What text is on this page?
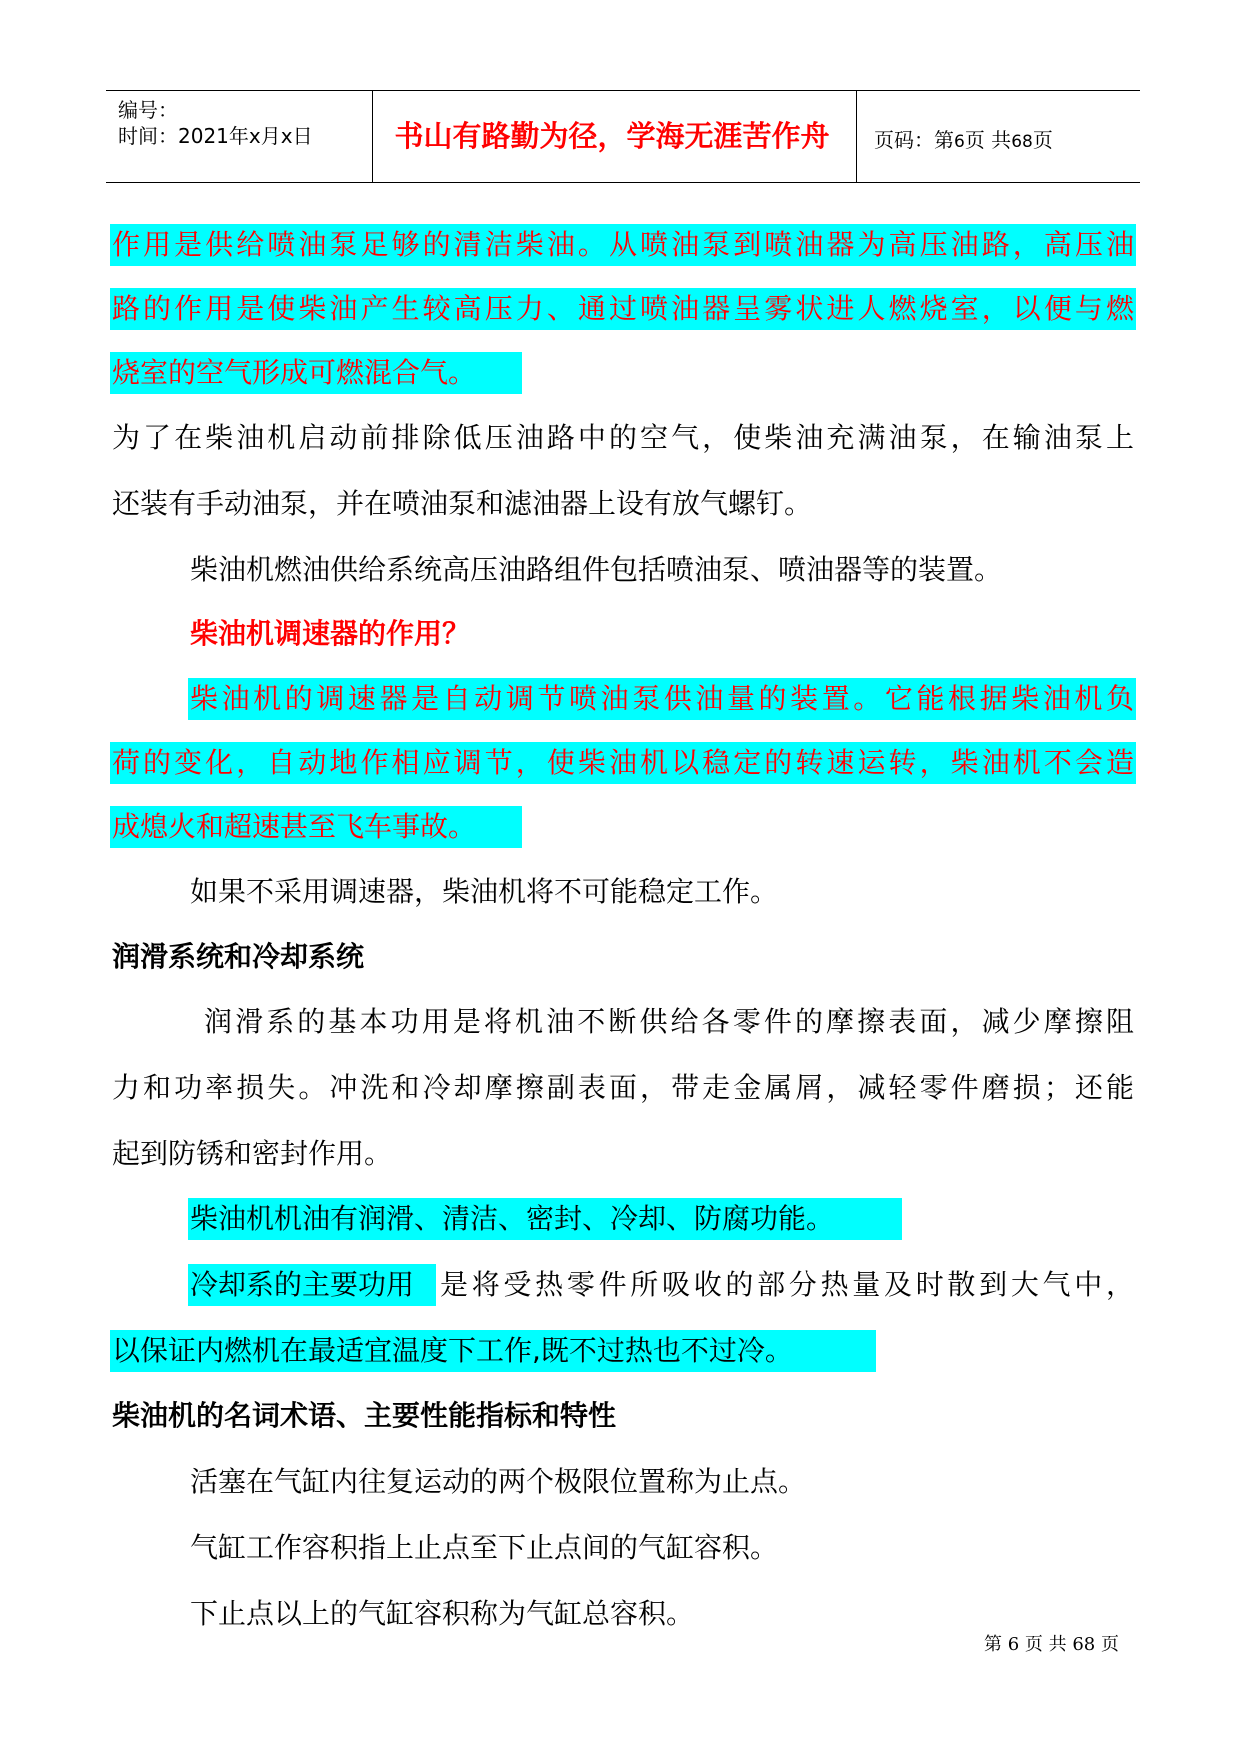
编号：
时间：2021年x月x日	书山有路勤为径，学海无涯苦作舟	页码：第6页 共68页
作用是供给喷油泵足够的清洁柴油。从喷油泵到喷油器为高压油路，高压油
路的作用是使柴油产生较高压力、通过喷油器呈雾状进人燃烧室，以便与燃
烧室的空气形成可燃混合气。
为了在柴油机启动前排除低压油路中的空气，使柴油充满油泵，在输油泵上
还装有手动油泵，并在喷油泵和滤油器上设有放气螺钉。
柴油机燃油供给系统高压油路组件包括喷油泵、喷油器等的装置。
柴油机调速器的作用？
柴油机的调速器是自动调节喷油泵供油量的装置。它能根据柴油机负
荷的变化，自动地作相应调节，使柴油机以稳定的转速运转，柴油机不会造
成熄火和超速甚至飞车事故。
如果不采用调速器，柴油机将不可能稳定工作。
润滑系统和冷却系统
润滑系的基本功用是将机油不断供给各零件的摩擦表面，减少摩擦阻
力和功率损失。冲洗和冷却摩擦副表面，带走金属屑，减轻零件磨损；还能
起到防锈和密封作用。
柴油机机油有润滑、清洁、密封、冷却、防腐功能。
冷却系的主要功用 是将受热零件所吸收的部分热量及时散到大气中，
以保证内燃机在最适宜温度下工作,既不过热也不过冷。
柴油机的名词术语、主要性能指标和特性
活塞在气缸内往复运动的两个极限位置称为止点。
气缸工作容积指上止点至下止点间的气缸容积。
下止点以上的气缸容积称为气缸总容积。
第 6 页 共 68 页
